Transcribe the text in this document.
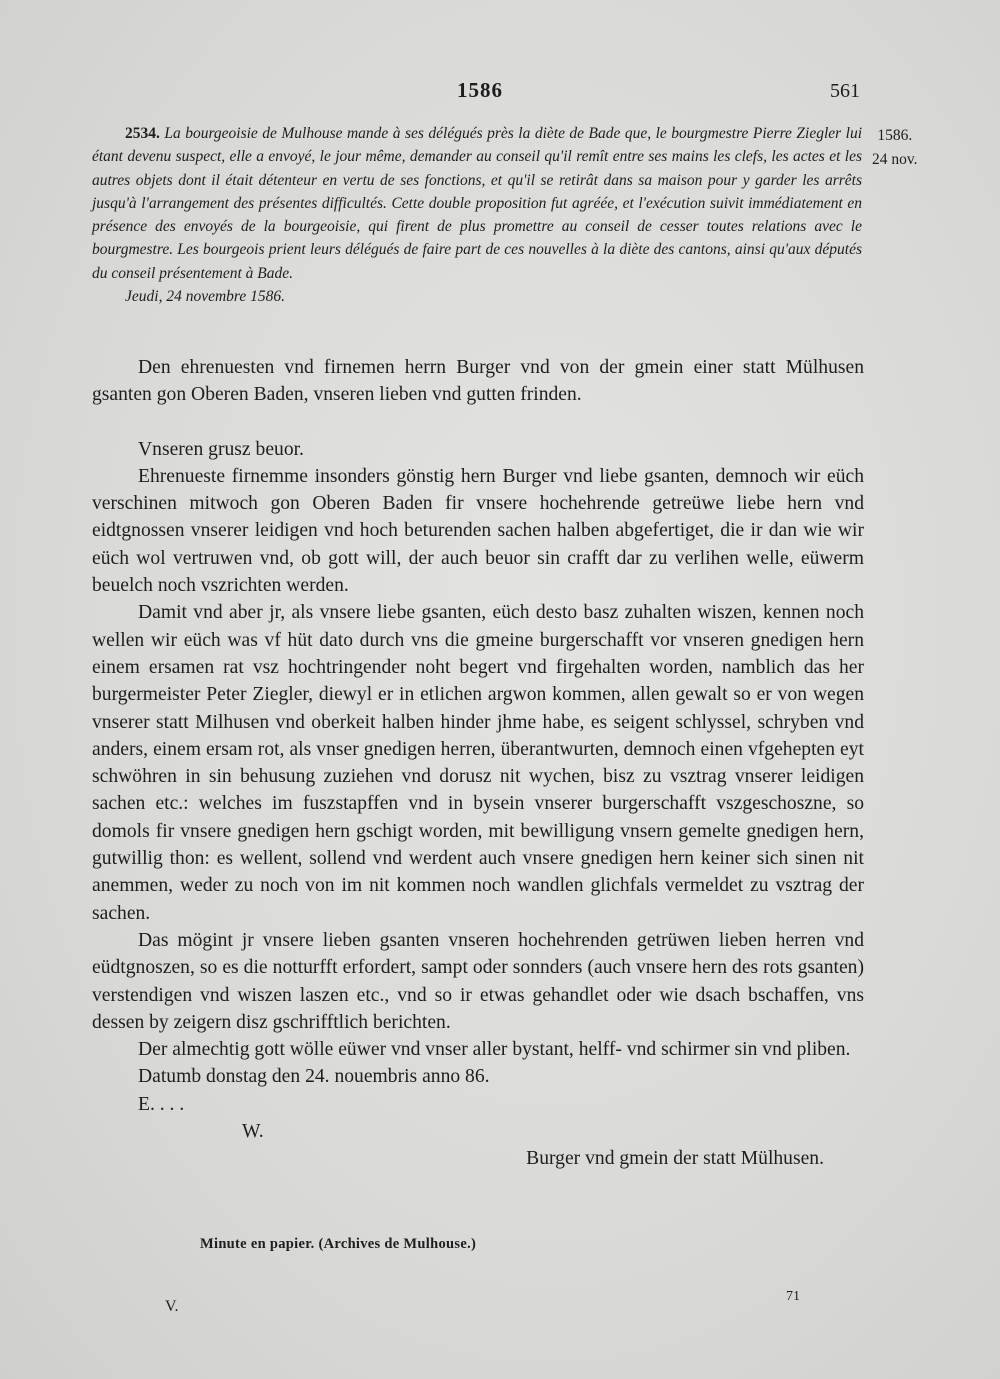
1586	561
1586.
24 nov.
2534. La bourgeoisie de Mulhouse mande à ses délégués près la diète de Bade que, le bourgmestre Pierre Ziegler lui étant devenu suspect, elle a envoyé, le jour même, demander au conseil qu'il remît entre ses mains les clefs, les actes et les autres objets dont il était détenteur en vertu de ses fonctions, et qu'il se retirât dans sa maison pour y garder les arrêts jusqu'à l'arrangement des présentes difficultés. Cette double proposition fut agréée, et l'exécution suivit immédiatement en présence des envoyés de la bourgeoisie, qui firent de plus promettre au conseil de cesser toutes relations avec le bourgmestre. Les bourgeois prient leurs délégués de faire part de ces nouvelles à la diète des cantons, ainsi qu'aux députés du conseil présentement à Bade.
Jeudi, 24 novembre 1586.

Den ehrenuesten vnd firnemen herrn Burger vnd von der gmein einer statt Mülhusen gsanten gon Oberen Baden, vnseren lieben vnd gutten frinden.

Vnseren grusz beuor.

Ehrenueste firnemme insonders gönstig hern Burger vnd liebe gsanten, demnoch wir eüch verschinen mitwoch gon Oberen Baden fir vnsere hochehrende getreüwe liebe hern vnd eidtgnossen vnserer leidigen vnd hoch beturenden sachen halben abgefertiget, die ir dan wie wir eüch wol vertruwen vnd, ob gott will, der auch beuor sin crafft dar zu verlihen welle, eüwerm beuelch noch vszrichten werden.

Damit vnd aber jr, als vnsere liebe gsanten, eüch desto basz zuhalten wiszen, kennen noch wellen wir eüch was vf hüt dato durch vns die gmeine burgerschafft vor vnseren gnedigen hern einem ersamen rat vsz hochtringender noht begert vnd firgehalten worden, namblich das her burgermeister Peter Ziegler, diewyl er in etlichen argwon kommen, allen gewalt so er von wegen vnserer statt Milhusen vnd oberkeit halben hinder jhme habe, es seigent schlyssel, schryben vnd anders, einem ersam rot, als vnser gnedigen herren, überantwurten, demnoch einen vfgehepten eyt schwöhren in sin behusung zuziehen vnd dorusz nit wychen, bisz zu vsztrag vnserer leidigen sachen etc.: welches im fuszstapffen vnd in bysein vnserer burgerschafft vszgeschoszne, so domols fir vnsere gnedigen hern gschigt worden, mit bewilligung vnsern gemelte gnedigen hern, gutwillig thon: es wellent, sollend vnd werdent auch vnsere gnedigen hern keiner sich sinen nit anemmen, weder zu noch von im nit kommen noch wandlen glichfals vermeldet zu vsztrag der sachen.

Das mögint jr vnsere lieben gsanten vnseren hochehrenden getrüwen lieben herren vnd eüdtgnoszen, so es die notturfft erfordert, sampt oder sonnders (auch vnsere hern des rots gsanten) verstendigen vnd wiszen laszen etc., vnd so ir etwas gehandlet oder wie dsach bschaffen, vns dessen by zeigern disz gschrifftlich berichten.

Der almechtig gott wölle eüwer vnd vnser aller bystant, helff- vnd schirmer sin vnd pliben.

Datumb donstag den 24. nouembris anno 86.

E. . . .

W.

Burger vnd gmein der statt Mülhusen.

Minute en papier. (Archives de Mulhouse.)
V.
71
